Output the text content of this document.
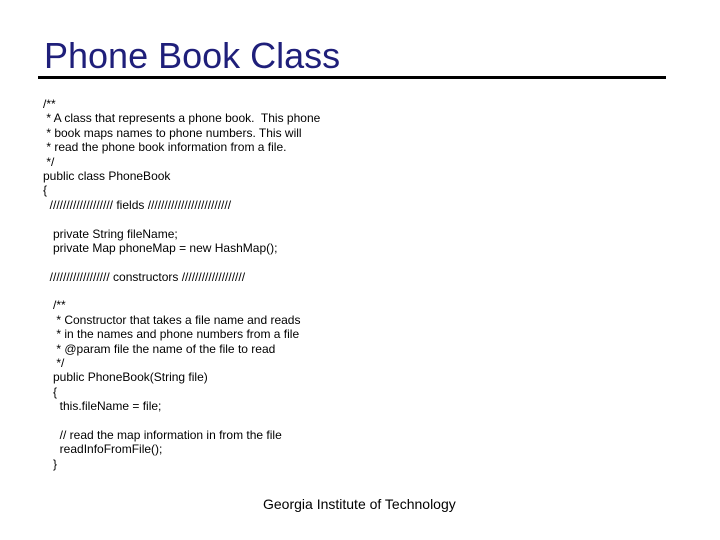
Phone Book Class
/**
* A class that represents a phone book.  This phone
* book maps names to phone numbers. This will
* read the phone book information from a file.
*/
public class PhoneBook
{
/////////////////// fields /////////////////////////
private String fileName;
private Map phoneMap = new HashMap();
////////////////// constructors ///////////////////
/**
* Constructor that takes a file name and reads
* in the names and phone numbers from a file
* @param file the name of the file to read
*/
public PhoneBook(String file)
{
this.fileName = file;
// read the map information in from the file
readInfoFromFile();
}
Georgia Institute of Technology
